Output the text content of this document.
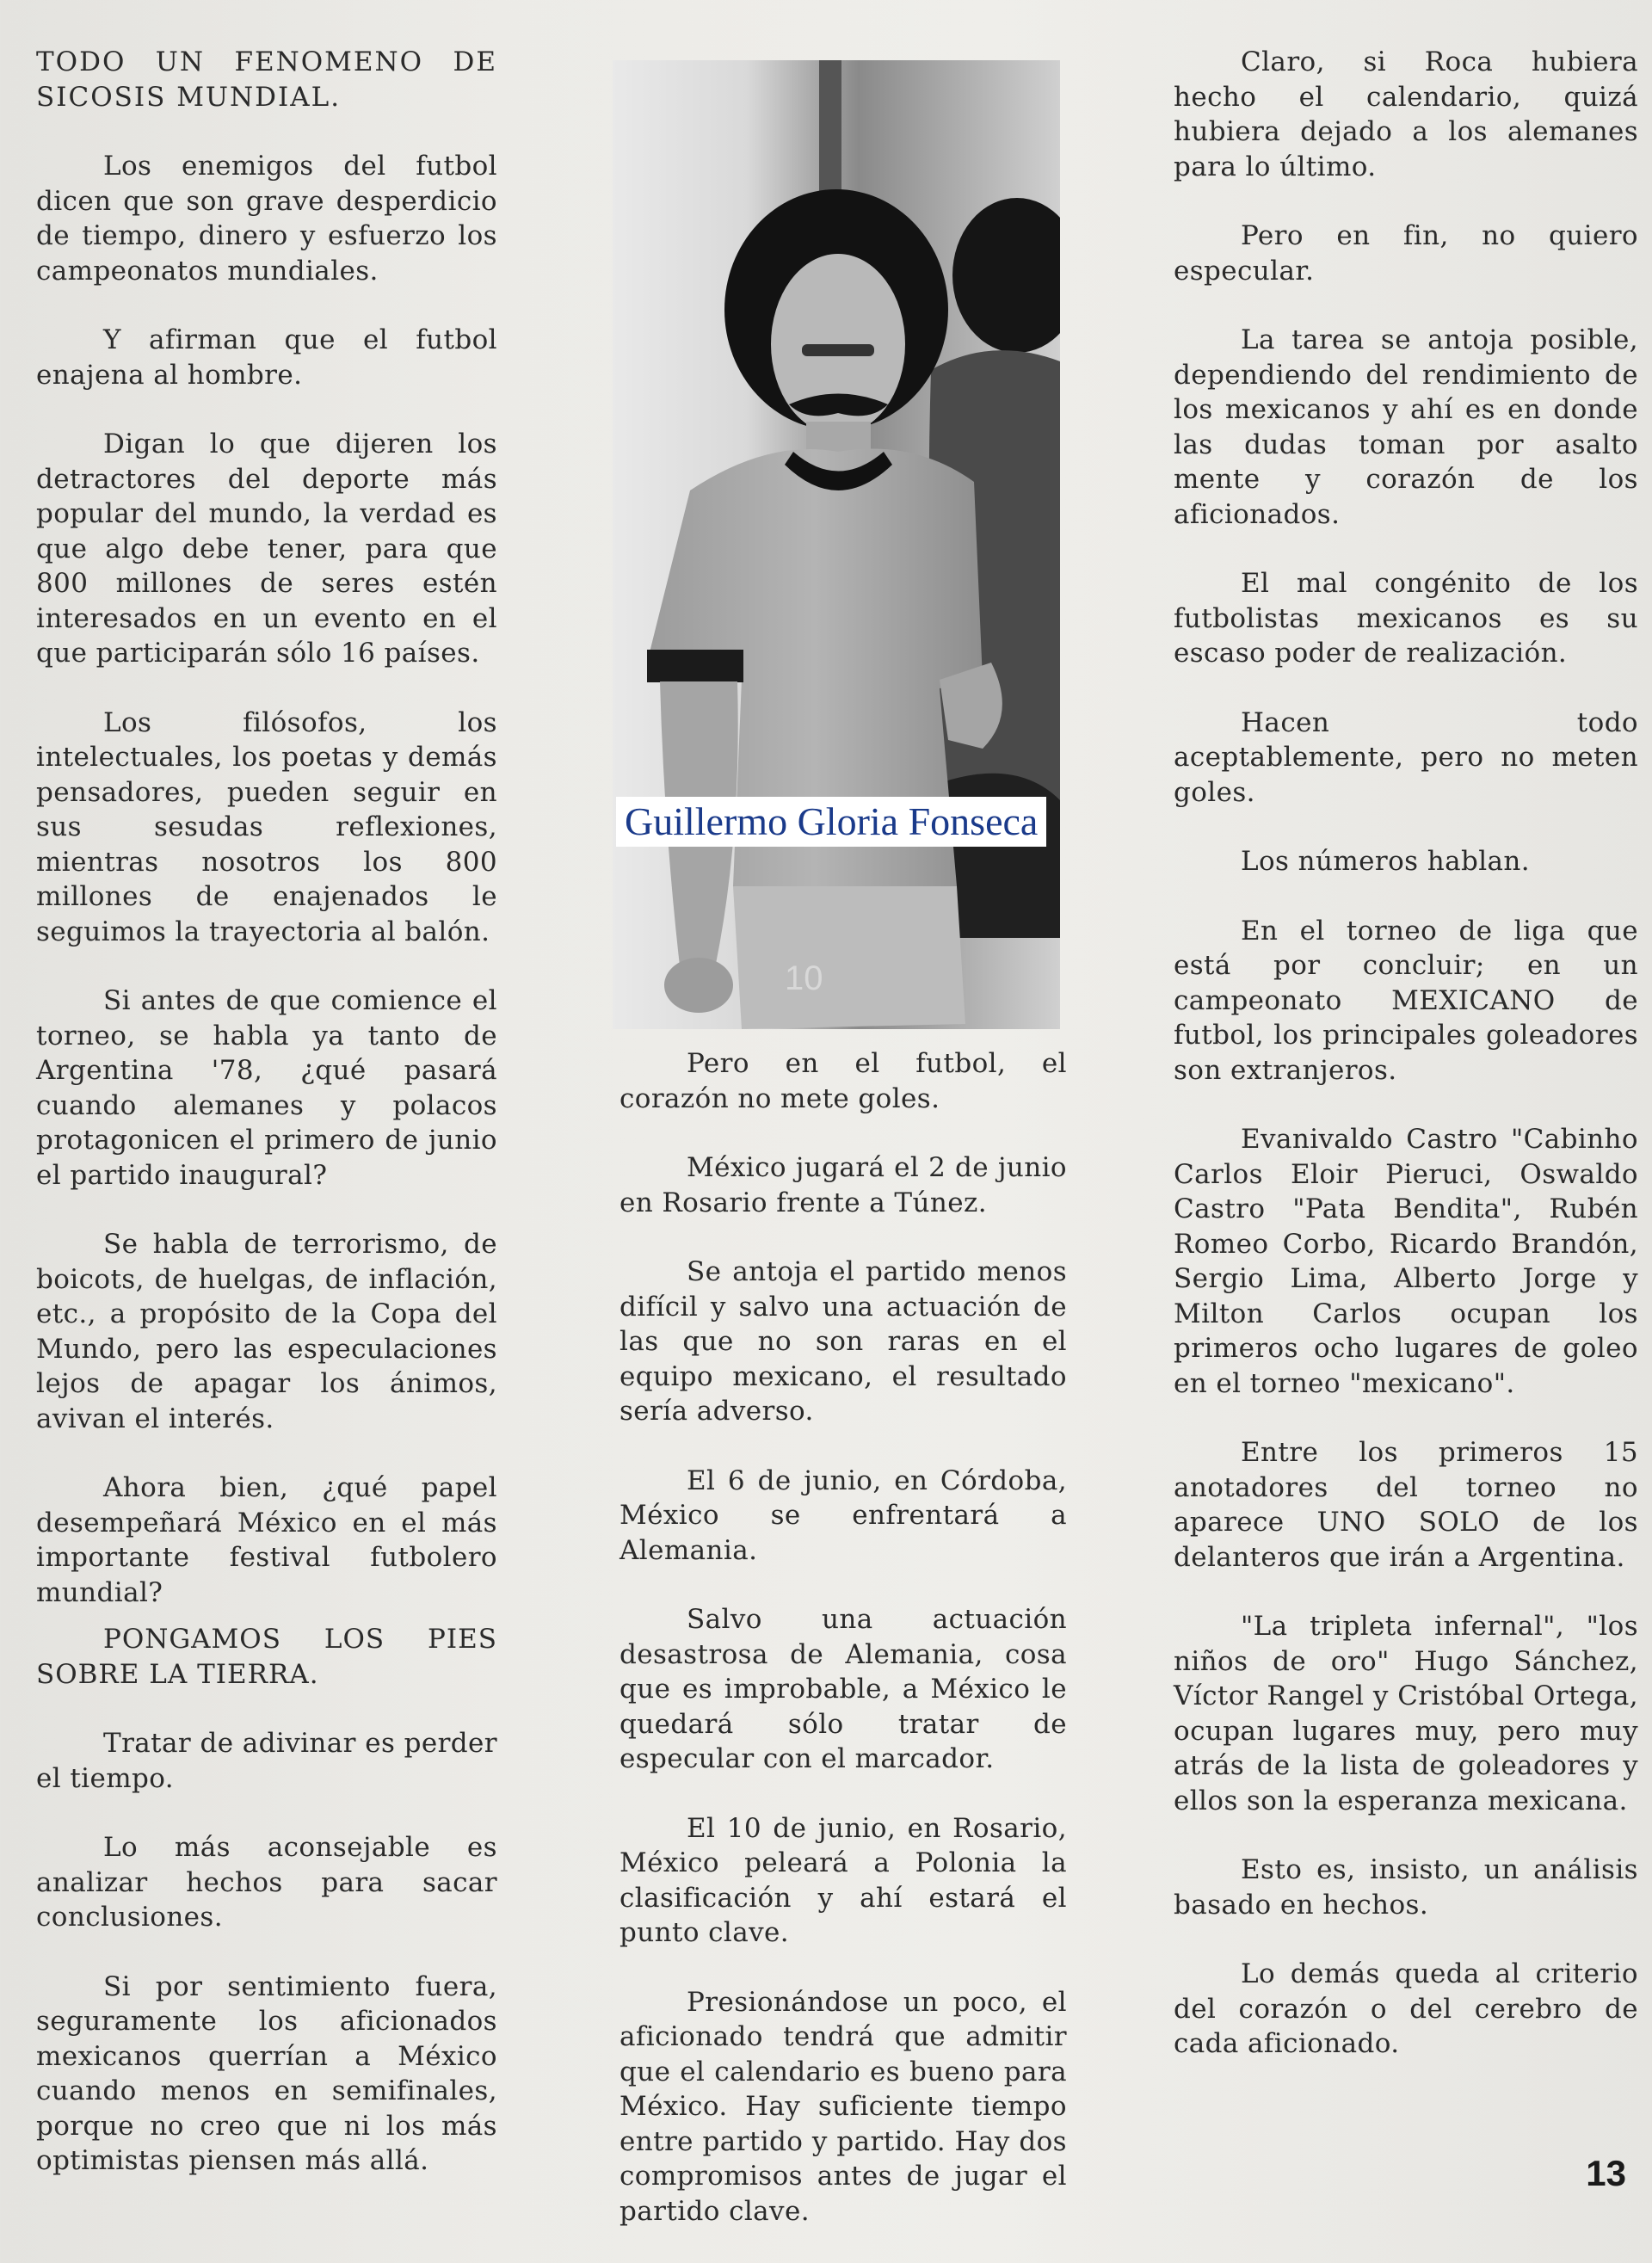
TODO UN FENOMENO DE SICOSIS MUNDIAL.

Los enemigos del futbol dicen que son grave desperdicio de tiempo, dinero y esfuerzo los campeonatos mundiales.

Y afirman que el futbol enajena al hombre.

Digan lo que dijeren los detractores del deporte más popular del mundo, la verdad es que algo debe tener, para que 800 millones de seres estén interesados en un evento en el que participarán sólo 16 países.

Los filósofos, los intelectuales, los poetas y demás pensadores, pueden seguir en sus sesudas reflexiones, mientras nosotros los 800 millones de enajenados le seguimos la trayectoria al balón.

Si antes de que comience el torneo, se habla ya tanto de Argentina '78, ¿qué pasará cuando alemanes y polacos protagonicen el primero de junio el partido inaugural?

Se habla de terrorismo, de boicots, de huelgas, de inflación, etc., a propósito de la Copa del Mundo, pero las especulaciones lejos de apagar los ánimos, avivan el interés.

Ahora bien, ¿qué papel desempeñará México en el más importante festival futbolero mundial?

PONGAMOS LOS PIES SOBRE LA TIERRA.

Tratar de adivinar es perder el tiempo.

Lo más aconsejable es analizar hechos para sacar conclusiones.

Si por sentimiento fuera, seguramente los aficionados mexicanos querrían a México cuando menos en semifinales, porque no creo que ni los más optimistas piensen más allá.

10
Guillermo Gloria Fonseca

Pero en el futbol, el corazón no mete goles.

México jugará el 2 de junio en Rosario frente a Túnez.

Se antoja el partido menos difícil y salvo una actuación de las que no son raras en el equipo mexicano, el resultado sería adverso.

El 6 de junio, en Córdoba, México se enfrentará a Alemania.

Salvo una actuación desastrosa de Alemania, cosa que es improbable, a México le quedará sólo tratar de especular con el marcador.

El 10 de junio, en Rosario, México peleará a Polonia la clasificación y ahí estará el punto clave.

Presionándose un poco, el aficionado tendrá que admitir que el calendario es bueno para México. Hay suficiente tiempo entre partido y partido. Hay dos compromisos antes de jugar el partido clave.

Claro, si Roca hubiera hecho el calendario, quizá hubiera dejado a los alemanes para lo último.

Pero en fin, no quiero especular.

La tarea se antoja posible, dependiendo del rendimiento de los mexicanos y ahí es en donde las dudas toman por asalto mente y corazón de los aficionados.

El mal congénito de los futbolistas mexicanos es su escaso poder de realización.

Hacen todo aceptablemente, pero no meten goles.

Los números hablan.

En el torneo de liga que está por concluir; en un campeonato MEXICANO de futbol, los principales goleadores son extranjeros.

Evanivaldo Castro "Cabinho Carlos Eloir Pieruci, Oswaldo Castro "Pata Bendita", Rubén Romeo Corbo, Ricardo Brandón, Sergio Lima, Alberto Jorge y Milton Carlos ocupan los primeros ocho lugares de goleo en el torneo "mexicano".

Entre los primeros 15 anotadores del torneo no aparece UNO SOLO de los delanteros que irán a Argentina.

"La tripleta infernal", "los niños de oro" Hugo Sánchez, Víctor Rangel y Cristóbal Ortega, ocupan lugares muy, pero muy atrás de la lista de goleadores y ellos son la esperanza mexicana.

Esto es, insisto, un análisis basado en hechos.

Lo demás queda al criterio del corazón o del cerebro de cada aficionado.

13
